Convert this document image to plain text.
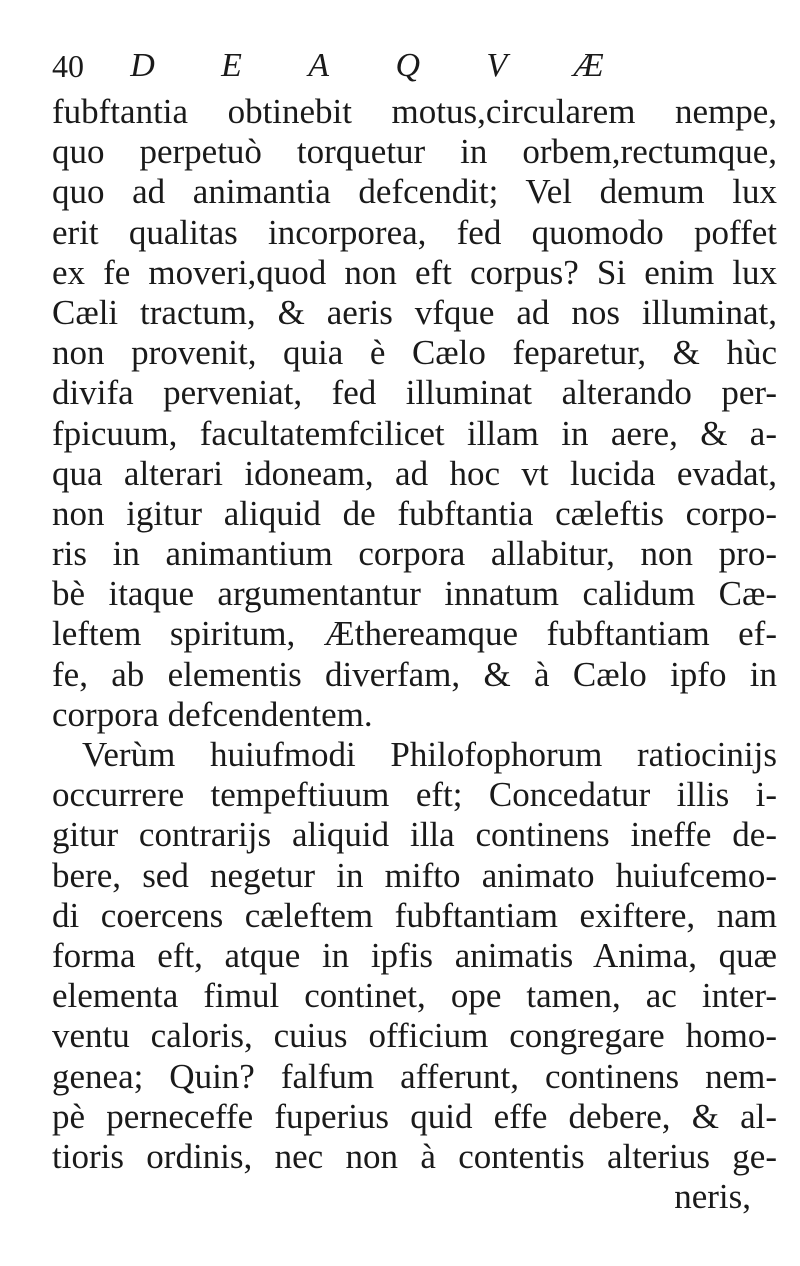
40 D E A Q V Æ
fubftantia obtinebit motus,circularem nempe,
quo perpetuò torquetur in orbem,rectumque,
quo ad animantia defcendit; Vel demum lux
erit qualitas incorporea, fed quomodo poffet
ex fe moveri,quod non eft corpus? Si enim lux
Cæli tractum, & aeris vfque ad nos illuminat,
non provenit, quia è Cælo feparetur, & hùc
divifa perveniat, fed illuminat alterando per-
fpicuum, facultatemfcilicet illam in aere, & a-
qua alterari idoneam, ad hoc vt lucida evadat,
non igitur aliquid de fubftantia cæleftis corpo-
ris in animantium corpora allabitur, non pro-
bè itaque argumentantur innatum calidum Cæ-
leftem spiritum, Æthereamque fubftantiam ef-
fe, ab elementis diverfam, & à Cælo ipfo in
corpora defcendentem.
Verùm huiufmodi Philofophorum ratiocinijs
occurrere tempeftiuum eft; Concedatur illis i-
gitur contrarijs aliquid illa continens ineffe de-
bere, sed negetur in mifto animato huiufcemo-
di coercens cæleftem fubftantiam exiftere, nam
forma eft, atque in ipfis animatis Anima, quæ
elementa fimul continet, ope tamen, ac inter-
ventu caloris, cuius officium congregare homo-
genea; Quin? falfum afferunt, continens nem-
pè perneceffe fuperius quid effe debere, & al-
tioris ordinis, nec non à contentis alterius ge-
neris,
